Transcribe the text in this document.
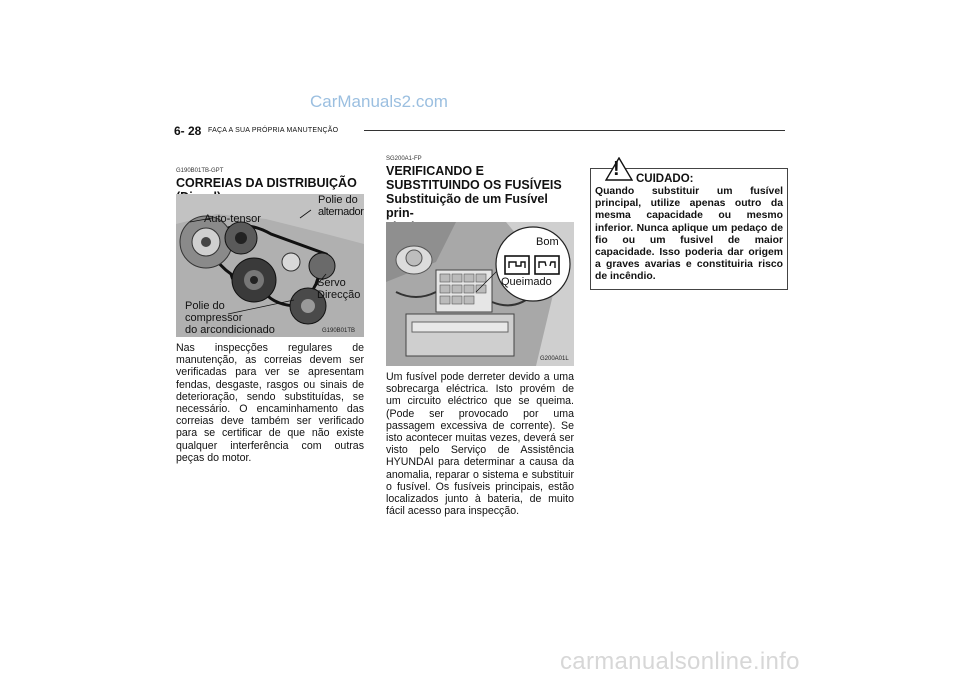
CarManuals2.com
6- 28 FAÇA A SUA PRÓPRIA MANUTENÇÃO
G190B01TB-GPT
CORREIAS DA DISTRIBUIÇÃO
Auto-tensor
Polie do
alternador
Servo
Direcção
Polie do
compressor
do arcondicionado	G190B01TB
Nas inspecções regulares de manutenção, as correias devem ser verificadas para ver se apresentam fendas, desgaste, rasgos ou sinais de deterioração, sendo substituídas, se necessário. O encaminhamento das correias deve também ser verificado para se certificar de que não existe qualquer interferência com outras peças do motor.
SG200A1-FP
VERIFICANDO E
SUBSTITUINDO OS FUSÍVEIS
Substituição de um Fusível prin-
Bom
Queimado
G200A01L
Um fusível pode derreter devido a uma sobrecarga eléctrica. Isto provém de um circuito eléctrico que se queima. (Pode ser provocado por uma passagem excessiva de corrente). Se isto acontecer muitas vezes, deverá ser visto pelo Serviço de Assistência HYUNDAI para determinar a causa da anomalia, reparar o sistema e substituir o fusível. Os fusíveis principais, estão localizados junto à bateria, de muito fácil acesso para inspecção.
! CUIDADO:
Quando substituir um fusível principal, utilize apenas outro da mesma capacidade ou mesmo inferior. Nunca aplique um pedaço de fio ou um fusivel de maior capacidade. Isso poderia dar origem a graves avarias e constituiria risco de incêndio.
carmanualsonline.info
